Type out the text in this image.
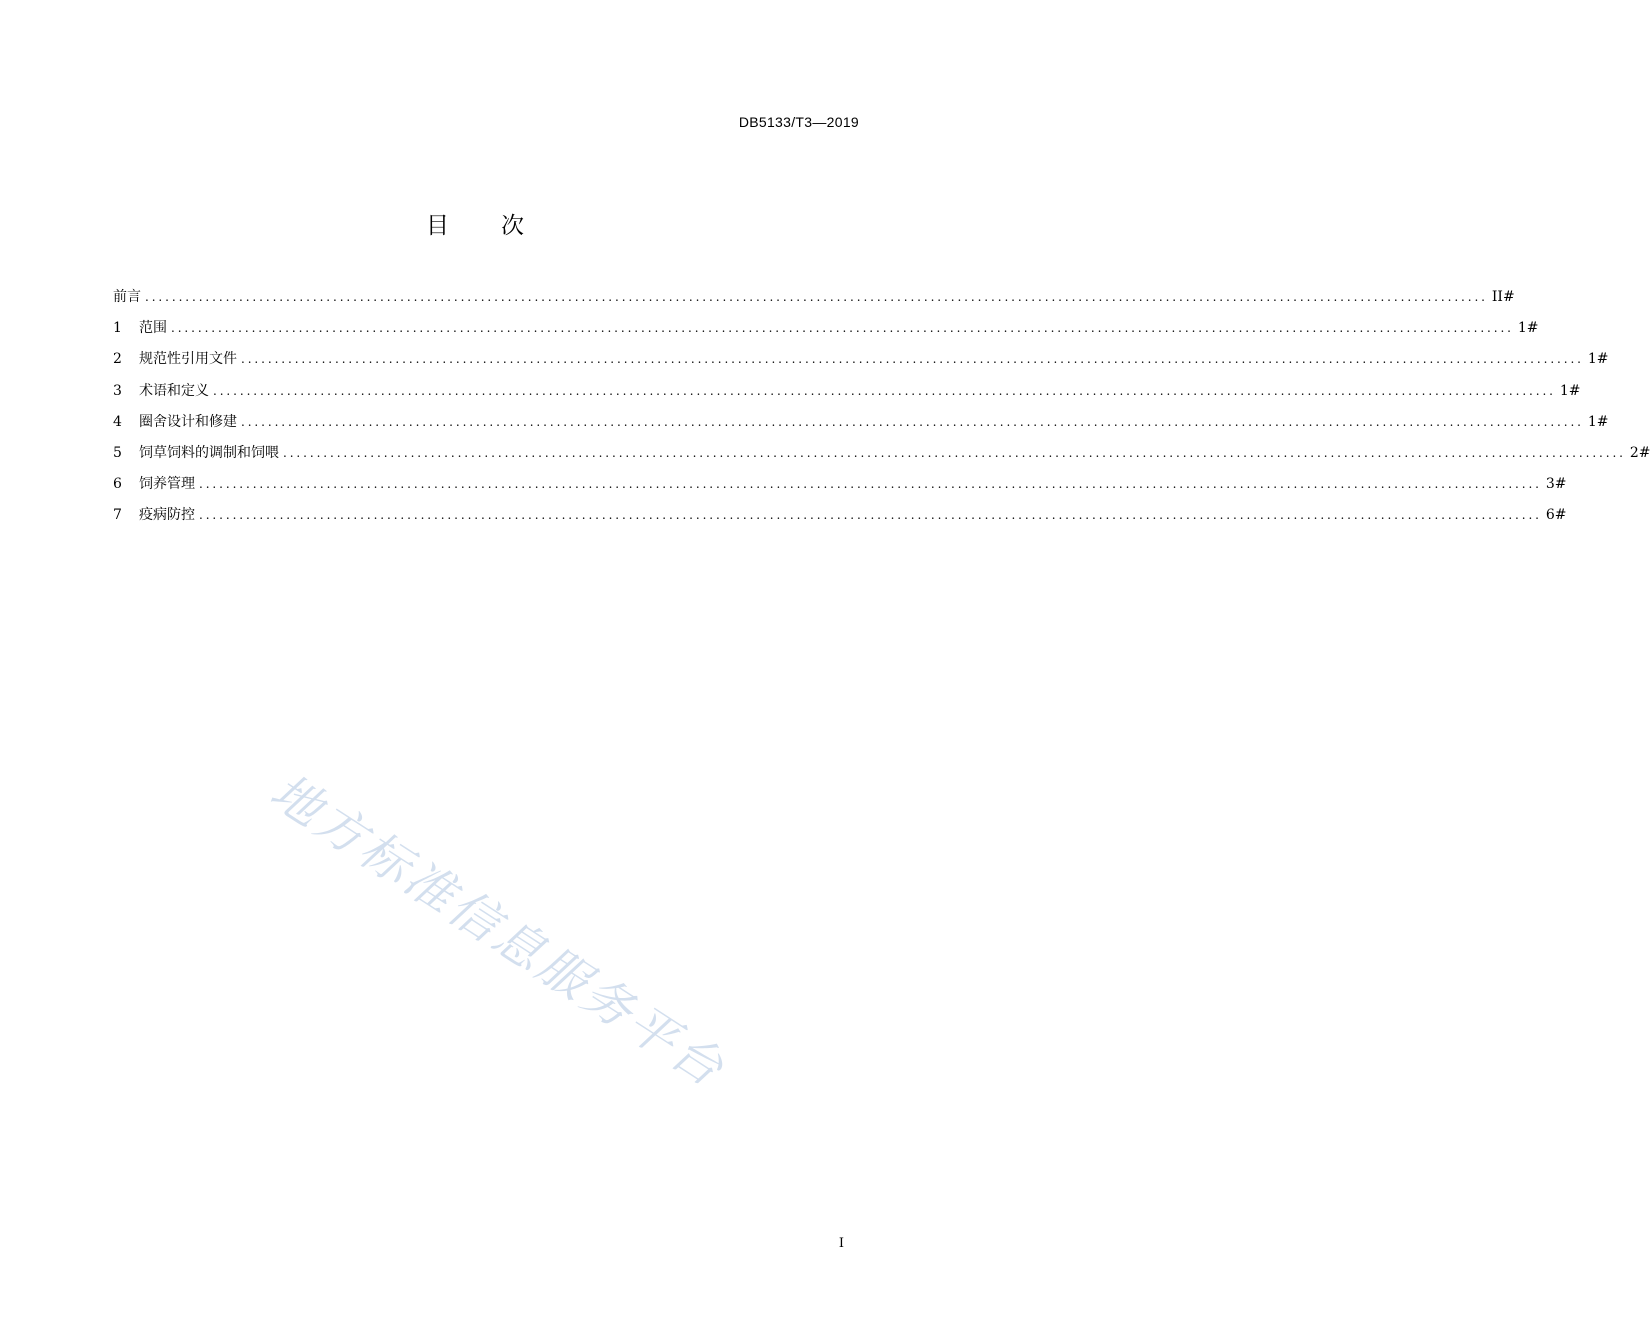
DB5133/T3—2019
目 次
前言 ........................................................................................................................................................................................................ II#
1	范围 ........................................................................................................................................................................................................ 1#
2	规范性引用文件 ........................................................................................................................................................................................................ 1#
3	术语和定义 ........................................................................................................................................................................................................ 1#
4	圈舍设计和修建 ........................................................................................................................................................................................................ 1#
5	饲草饲料的调制和饲喂 ........................................................................................................................................................................................................ 2#
6	饲养管理 ........................................................................................................................................................................................................ 3#
7	疫病防控 ........................................................................................................................................................................................................ 6#
地方标准信息服务平台
I
